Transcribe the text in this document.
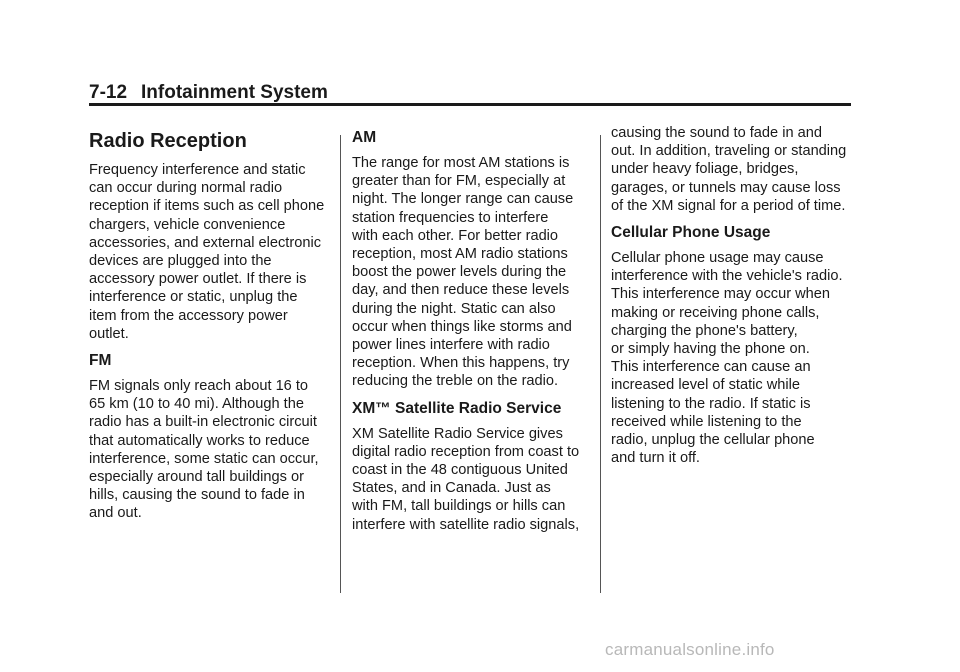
7-12 Infotainment System
Radio Reception

Frequency interference and static
can occur during normal radio
reception if items such as cell phone
chargers, vehicle convenience
accessories, and external electronic
devices are plugged into the
accessory power outlet. If there is
interference or static, unplug the
item from the accessory power
outlet.

FM

FM signals only reach about 16 to
65 km (10 to 40 mi). Although the
radio has a built-in electronic circuit
that automatically works to reduce
interference, some static can occur,
especially around tall buildings or
hills, causing the sound to fade in
and out.

AM

The range for most AM stations is
greater than for FM, especially at
night. The longer range can cause
station frequencies to interfere
with each other. For better radio
reception, most AM radio stations
boost the power levels during the
day, and then reduce these levels
during the night. Static can also
occur when things like storms and
power lines interfere with radio
reception. When this happens, try
reducing the treble on the radio.

XM™ Satellite Radio Service

XM Satellite Radio Service gives
digital radio reception from coast to
coast in the 48 contiguous United
States, and in Canada. Just as
with FM, tall buildings or hills can
interfere with satellite radio signals,

causing the sound to fade in and
out. In addition, traveling or standing
under heavy foliage, bridges,
garages, or tunnels may cause loss
of the XM signal for a period of time.

Cellular Phone Usage

Cellular phone usage may cause
interference with the vehicle's radio.
This interference may occur when
making or receiving phone calls,
charging the phone's battery,
or simply having the phone on.
This interference can cause an
increased level of static while
listening to the radio. If static is
received while listening to the
radio, unplug the cellular phone
and turn it off.

carmanualsonline.info
